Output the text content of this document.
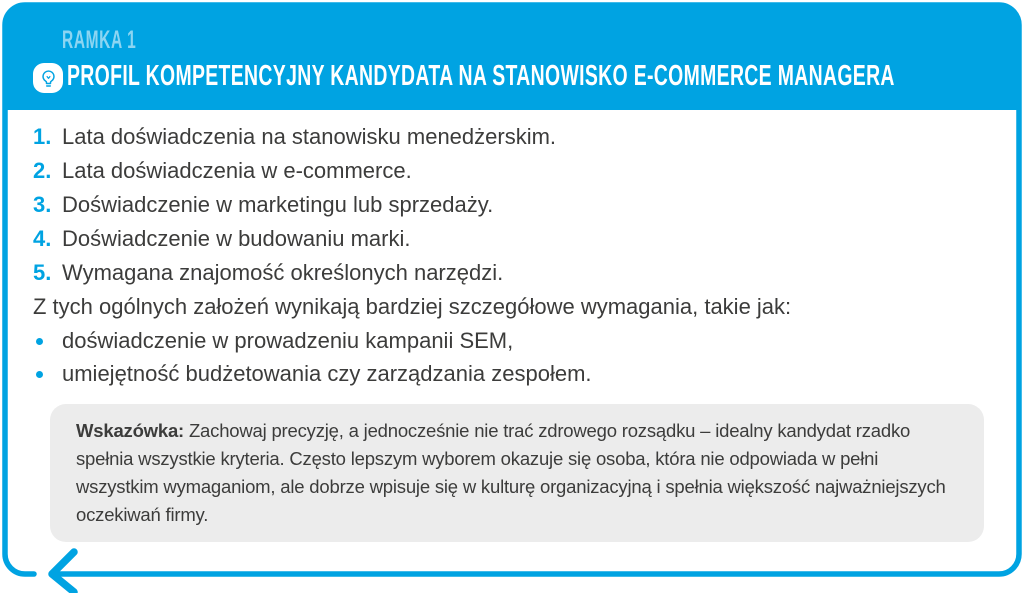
RAMKA 1
PROFIL KOMPETENCYJNY KANDYDATA NA STANOWISKO E-COMMERCE MANAGERA
1. Lata doświadczenia na stanowisku menedżerskim.
2. Lata doświadczenia w e-commerce.
3. Doświadczenie w marketingu lub sprzedaży.
4. Doświadczenie w budowaniu marki.
5. Wymagana znajomość określonych narzędzi.
Z tych ogólnych założeń wynikają bardziej szczegółowe wymagania, takie jak:
doświadczenie w prowadzeniu kampanii SEM,
umiejętność budżetowania czy zarządzania zespołem.
Wskazówka: Zachowaj precyzję, a jednocześnie nie trać zdrowego rozsądku – idealny kandydat rzadko spełnia wszystkie kryteria. Często lepszym wyborem okazuje się osoba, która nie odpowiada w pełni wszystkim wymaganiom, ale dobrze wpisuje się w kulturę organizacyjną i spełnia większość najważniejszych oczekiwań firmy.
